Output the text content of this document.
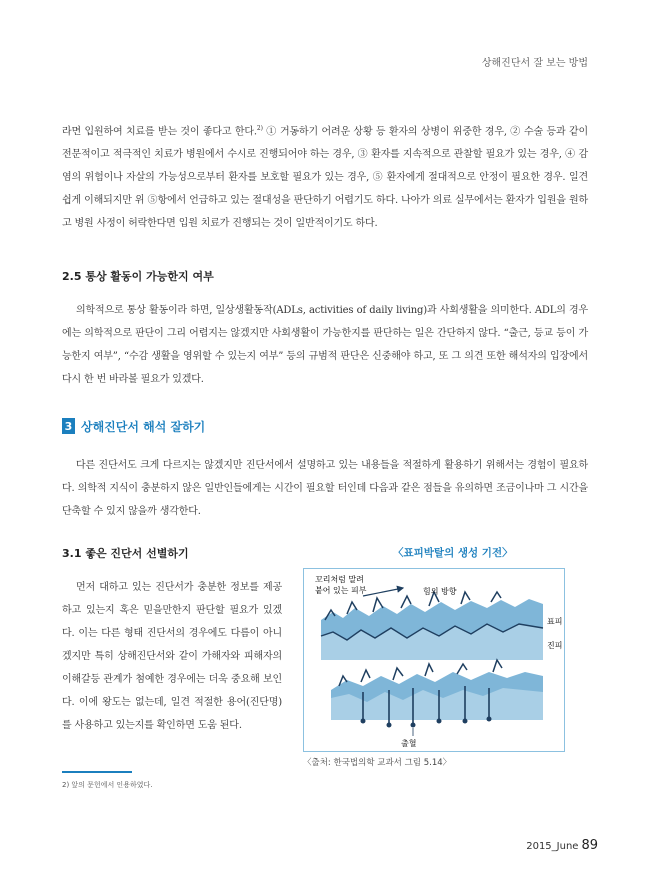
상해진단서 잘 보는 방법

라면 입원하여 치료를 받는 것이 좋다고 한다.$^{2)}$ ① 거동하기 어려운 상황 등 환자의 상병이 위중한 경우, ② 수술 등과 같이 전문적이고 적극적인 치료가 병원에서 수시로 진행되어야 하는 경우, ③ 환자를 지속적으로 관찰할 필요가 있는 경우, ④ 감염의 위험이나 자살의 가능성으로부터 환자를 보호할 필요가 있는 경우, ⑤ 환자에게 절대적으로 안정이 필요한 경우. 일견 쉽게 이해되지만 위 ⑤항에서 언급하고 있는 절대성을 판단하기 어렵기도 하다. 나아가 의료 실무에서는 환자가 입원을 원하고 병원 사정이 허락한다면 입원 치료가 진행되는 것이 일반적이기도 하다.

2.5 통상 활동이 가능한지 여부

의학적으로 통상 활동이라 하면, 일상생활동작(ADLs, activities of daily living)과 사회생활을 의미한다. ADL의 경우에는 의학적으로 판단이 그리 어렵지는 않겠지만 사회생활이 가능한지를 판단하는 일은 간단하지 않다. “출근, 등교 등이 가능한지 여부”, “수감 생활을 영위할 수 있는지 여부” 등의 규범적 판단은 신중해야 하고, 또 그 의견 또한 해석자의 입장에서 다시 한 번 바라볼 필요가 있겠다.

3 상해진단서 해석 잘하기

다른 진단서도 크게 다르지는 않겠지만 진단서에서 설명하고 있는 내용들을 적절하게 활용하기 위해서는 경험이 필요하다. 의학적 지식이 충분하지 않은 일반인들에게는 시간이 필요할 터인데 다음과 같은 점들을 유의하면 조금이나마 그 시간을 단축할 수 있지 않을까 생각한다.

3.1 좋은 진단서 선별하기

먼저 대하고 있는 진단서가 충분한 정보를 제공하고 있는지 혹은 믿을만한지 판단할 필요가 있겠다. 이는 다른 형태 진단서의 경우에도 다름이 아니겠지만 특히 상해진단서와 같이 가해자와 피해자의 이해갈등 관계가 첨예한 경우에는 더욱 중요해 보인다. 이에 왕도는 없는데, 일견 적절한 용어(진단명)를 사용하고 있는지를 확인하면 도움 된다.

〈표피박탈의 생성 기전〉
꼬리처럼 말려
붙어 있는 피부	힘의 방향
표피
진피
출혈
〈출처: 한국법의학 교과서 그림 5.14〉
2) 앞의 문헌에서 인용하였다.
2015_June 89
